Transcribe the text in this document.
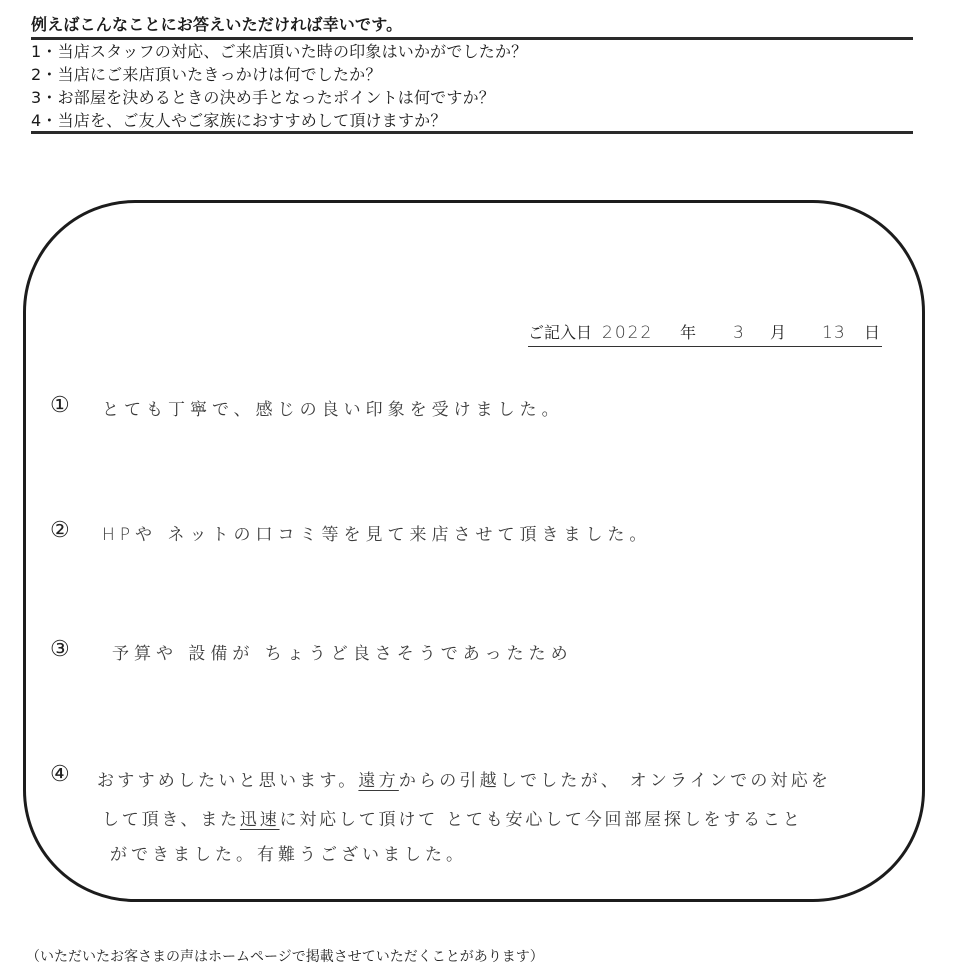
例えばこんなことにお答えいただければ幸いです。
1・当店スタッフの対応、ご来店頂いた時の印象はいかがでしたか？
2・当店にご来店頂いたきっかけは何でしたか？
3・お部屋を決めるときの決め手となったポイントは何ですか？
4・当店を、ご友人やご家族におすすめして頂けますか？
ご記入日 2022 年 3 月 13 日
① とても丁寧で、感じの良い印象を受けました。
② HPや ネットの口コミ等を見て来店させて頂きました。
③ 予算や 設備が ちょうど良さそうであったため
④	おすすめしたいと思います。遠方からの引越しでしたが、 オンラインでの対応を
して頂き、また迅速に対応して頂けて とても安心して今回部屋探しをすること
ができました。有難うございました。
（いただいたお客さまの声はホームページで掲載させていただくことがあります）
